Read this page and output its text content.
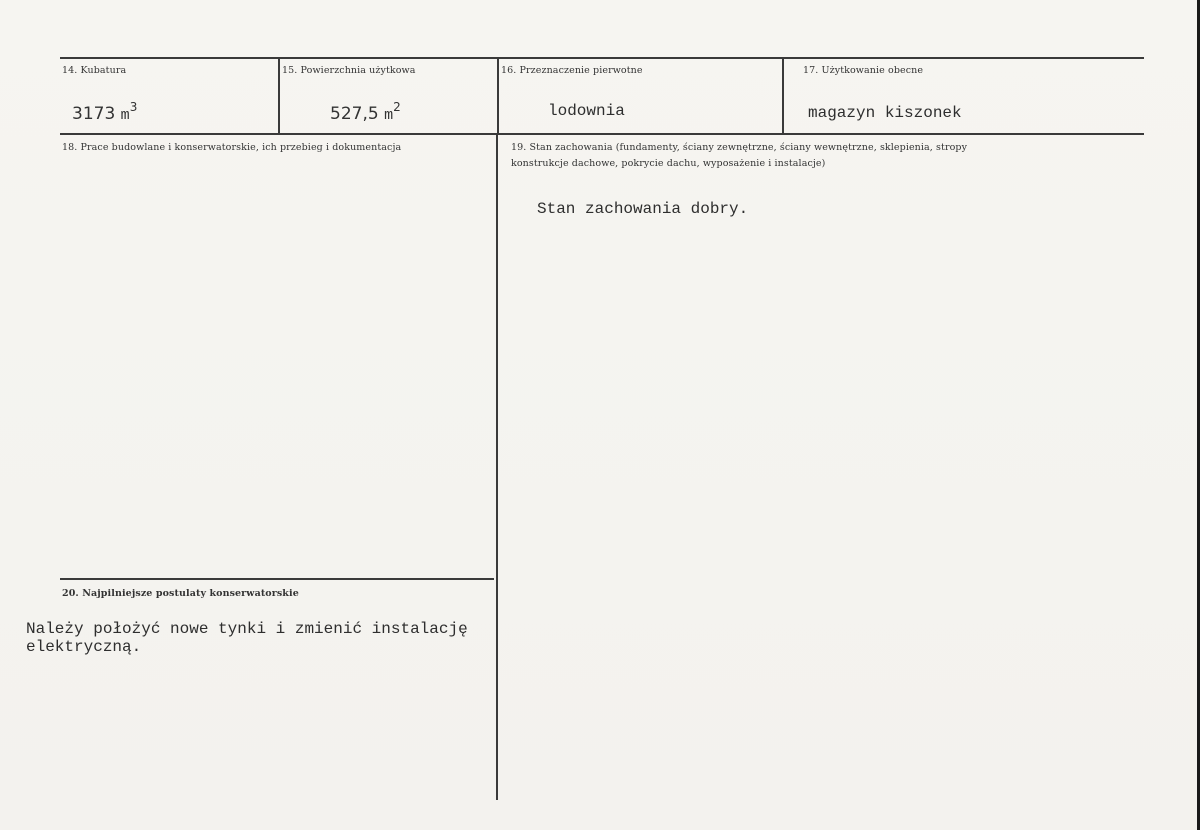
14. Kubatura
3173 $m^3$
15. Powierzchnia użytkowa
527,5 $m^2$
16. Przeznaczenie pierwotne
lodownia
17. Użytkowanie obecne
magazyn kiszonek
18. Prace budowlane i konserwatorskie, ich przebieg i dokumentacja	19. Stan zachowania (fundamenty, ściany zewnętrzne, ściany wewnętrzne, sklepienia, stropy
konstrukcje dachowe, pokrycie dachu, wyposażenie i instalacje)
Stan zachowania dobry.
20. Najpilniejsze postulaty konserwatorskie
Należy położyć nowe tynki i zmienić instalację
elektryczną.
